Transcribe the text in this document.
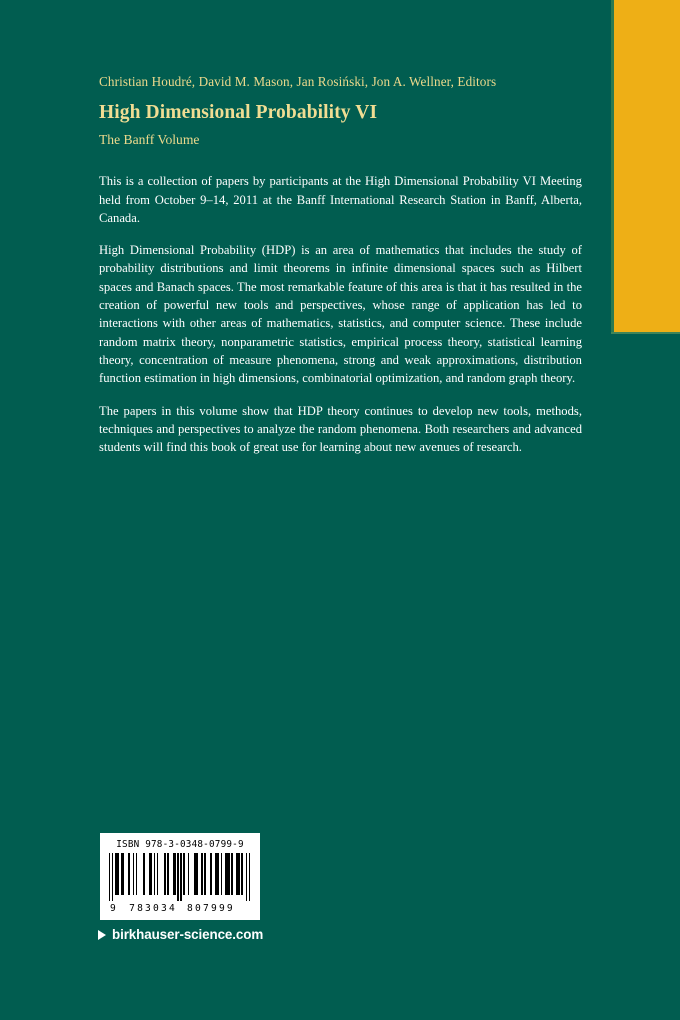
Christian Houdré, David M. Mason, Jan Rosiński, Jon A. Wellner, Editors
High Dimensional Probability VI
The Banff Volume

This is a collection of papers by participants at the High Dimensional Probability VI Meeting held from October 9–14, 2011 at the Banff International Research Station in Banff, Alberta, Canada.

High Dimensional Probability (HDP) is an area of mathematics that includes the study of probability distributions and limit theorems in infinite dimensional spaces such as Hilbert spaces and Banach spaces. The most remarkable feature of this area is that it has resulted in the creation of powerful new tools and perspectives, whose range of application has led to interactions with other areas of mathematics, statistics, and computer science. These include random matrix theory, nonparametric statistics, empirical process theory, statistical learning theory, concentration of measure phenomena, strong and weak approximations, distribution function estimation in high dimensions, combinatorial optimization, and random graph theory.

The papers in this volume show that HDP theory continues to develop new tools, methods, techniques and perspectives to analyze the random phenomena. Both researchers and advanced students will find this book of great use for learning about new avenues of research.

ISBN 978-3-0348-0799-9
9	783034 807999
birkhauser-science.com
